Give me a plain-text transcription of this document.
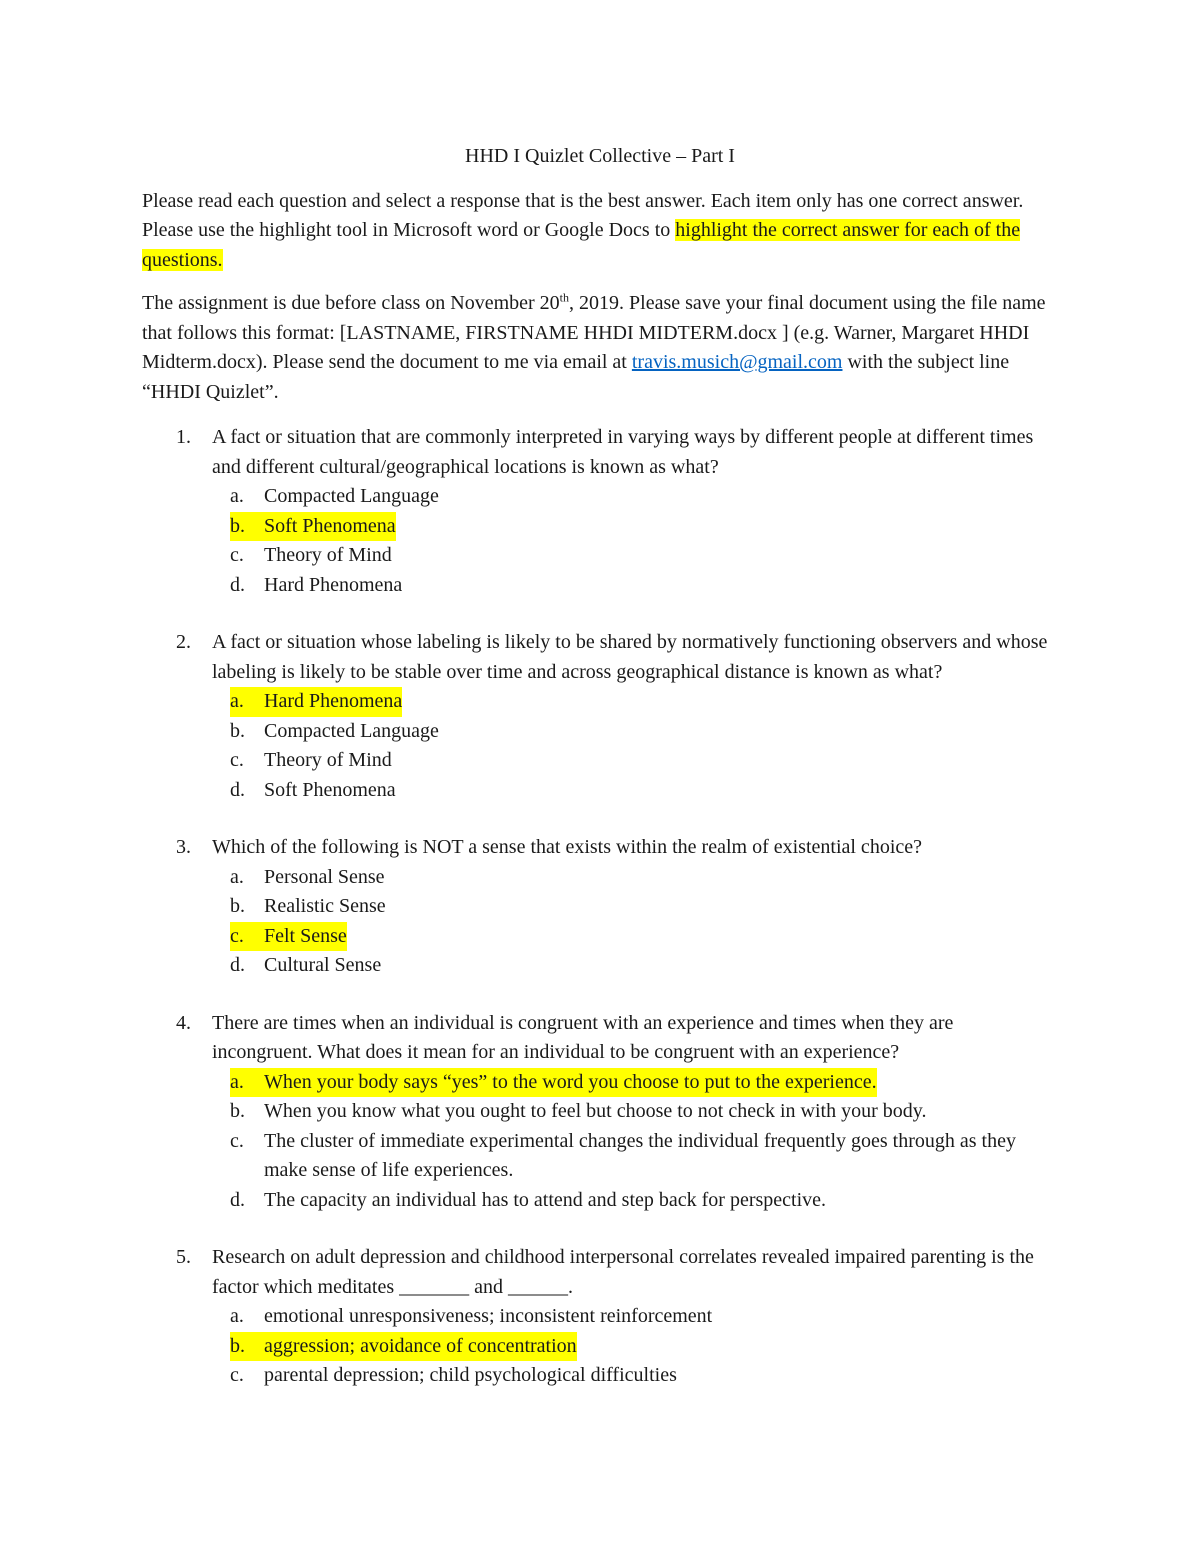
HHD I Quizlet Collective – Part I

Please read each question and select a response that is the best answer. Each item only has one correct answer. Please use the highlight tool in Microsoft word or Google Docs to highlight the correct answer for each of the questions.

The assignment is due before class on November 20th, 2019. Please save your final document using the file name that follows this format: [LASTNAME, FIRSTNAME HHDI MIDTERM.docx ] (e.g. Warner, Margaret HHDI Midterm.docx). Please send the document to me via email at travis.musich@gmail.com with the subject line “HHDI Quizlet”.

1.	A fact or situation that are commonly interpreted in varying ways by different people at different times and different cultural/geographical locations is known as what?
a.	Compacted Language
b. Soft Phenomena
c.	Theory of Mind
d. Hard Phenomena
2.	A fact or situation whose labeling is likely to be shared by normatively functioning observers and whose labeling is likely to be stable over time and across geographical distance is known as what?
a.	Hard Phenomena
b. Compacted Language
c.	Theory of Mind
d. Soft Phenomena
3.	Which of the following is NOT a sense that exists within the realm of existential choice?
a.	Personal Sense
b. Realistic Sense
c.	Felt Sense
d. Cultural Sense
4.	There are times when an individual is congruent with an experience and times when they are incongruent. What does it mean for an individual to be congruent with an experience?
a.	When your body says “yes” to the word you choose to put to the experience.
b. When you know what you ought to feel but choose to not check in with your body.
c.	The cluster of immediate experimental changes the individual frequently goes through as they make sense of life experiences.
d. The capacity an individual has to attend and step back for perspective.
5.	Research on adult depression and childhood interpersonal correlates revealed impaired parenting is the factor which meditates _______ and ______.
a.	emotional unresponsiveness; inconsistent reinforcement
b. aggression; avoidance of concentration
c.	parental depression; child psychological difficulties
